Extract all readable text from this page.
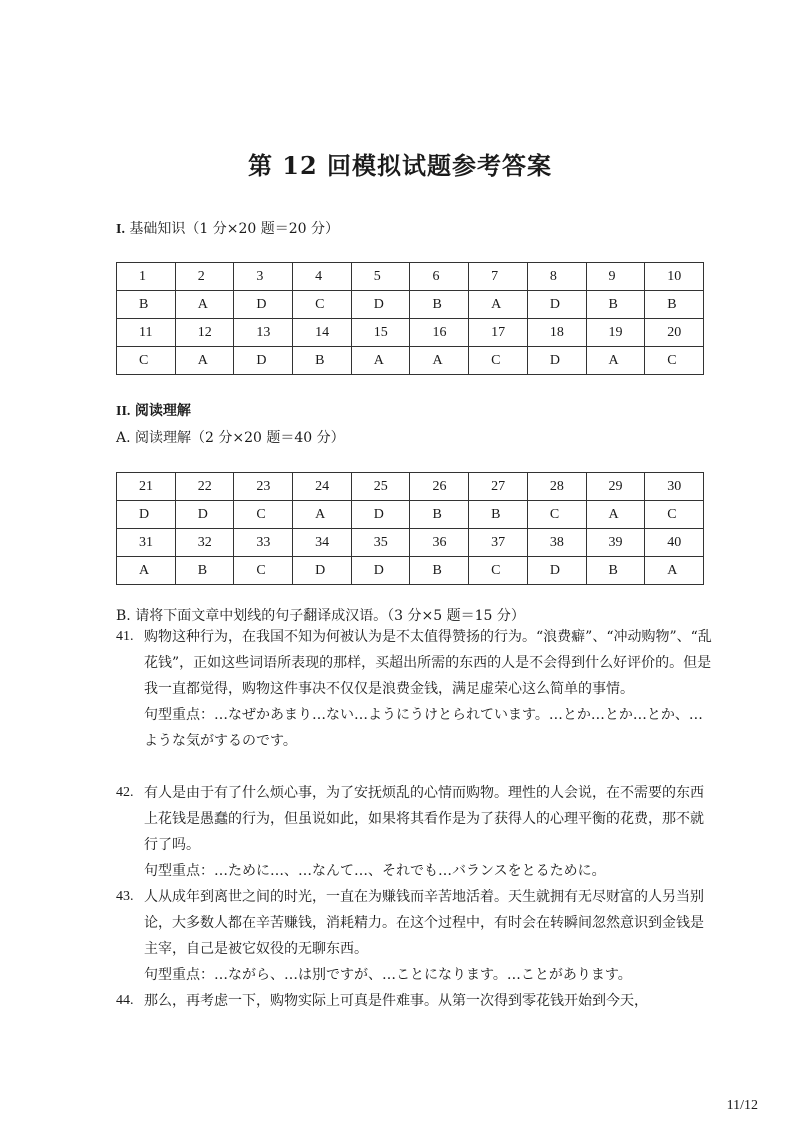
第 12 回模拟试题参考答案
I. 基础知识（1 分×20 题＝20 分）
1	2	3	4	5	6	7	8	9	10
B	A	D	C	D	B	A	D	B	B
11	12	13	14	15	16	17	18	19	20
C	A	D	B	A	A	C	D	A	C
II. 阅读理解
A. 阅读理解（2 分×20 题＝40 分）
21	22	23	24	25	26	27	28	29	30
D	D	C	A	D	B	B	C	A	C
31	32	33	34	35	36	37	38	39	40
A	B	C	D	D	B	C	D	B	A
B. 请将下面文章中划线的句子翻译成汉语。（3 分×5 题＝15 分）
41. 购物这种行为，在我国不知为何被认为是不太值得赞扬的行为。“浪费癖”、“冲动购物”、“乱花钱”，正如这些词语所表现的那样，买超出所需的东西的人是不会得到什么好评价的。但是我一直都觉得，购物这件事决不仅仅是浪费金钱，满足虚荣心这么简单的事情。
句型重点：…なぜかあまり…ない…ようにうけとられています。…とか…とか…とか、…ような気がするのです。
42. 有人是由于有了什么烦心事，为了安抚烦乱的心情而购物。理性的人会说，在不需要的东西上花钱是愚蠢的行为，但虽说如此，如果将其看作是为了获得人的心理平衡的花费，那不就行了吗。
句型重点：…ために…、…なんて…、それでも…バランスをとるために。
43. 人从成年到离世之间的时光，一直在为赚钱而辛苦地活着。天生就拥有无尽财富的人另当别论，大多数人都在辛苦赚钱，消耗精力。在这个过程中，有时会在转瞬间忽然意识到金钱是主宰，自己是被它奴役的无聊东西。
句型重点：…ながら、…は別ですが、…ことになります。…ことがあります。
44. 那么，再考虑一下，购物实际上可真是件难事。从第一次得到零花钱开始到今天，
11/12
